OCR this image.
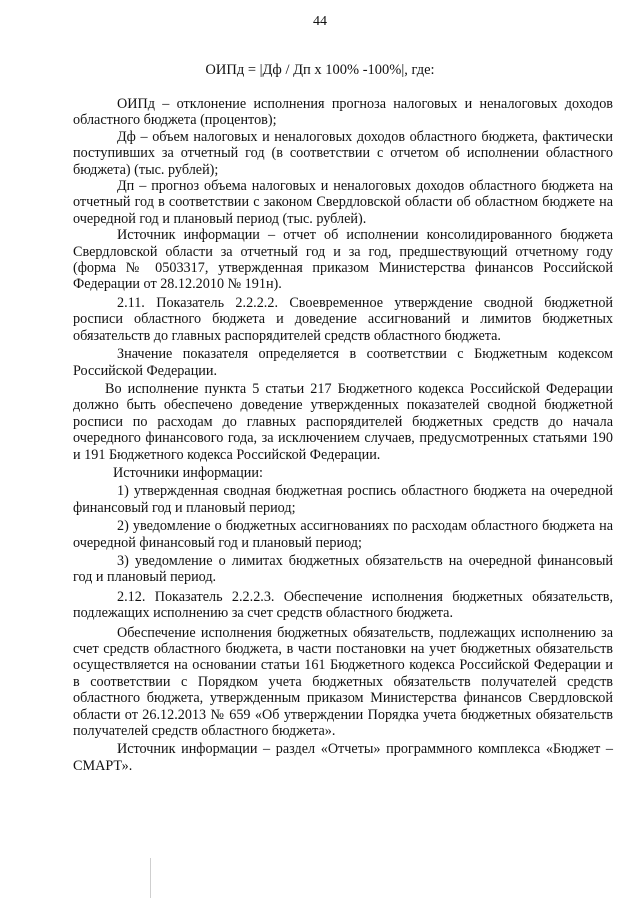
44
ОИПд = |Дф / Дп х 100% -100%|, где:

ОИПд – отклонение исполнения прогноза налоговых и неналоговых доходов областного бюджета (процентов);

Дф – объем налоговых и неналоговых доходов областного бюджета, фактически поступивших за отчетный год (в соответствии с отчетом об исполнении областного бюджета) (тыс. рублей);

Дп – прогноз объема налоговых и неналоговых доходов областного бюджета на отчетный год в соответствии с законом Свердловской области об областном бюджете на очередной год и плановый период (тыс. рублей).

Источник информации – отчет об исполнении консолидированного бюджета Свердловской области за отчетный год и за год, предшествующий отчетному году (форма № 0503317, утвержденная приказом Министерства финансов Российской Федерации от 28.12.2010 № 191н).

2.11. Показатель 2.2.2.2. Своевременное утверждение сводной бюджетной росписи областного бюджета и доведение ассигнований и лимитов бюджетных обязательств до главных распорядителей средств областного бюджета.

Значение показателя определяется в соответствии с Бюджетным кодексом Российской Федерации.

Во исполнение пункта 5 статьи 217 Бюджетного кодекса Российской Федерации должно быть обеспечено доведение утвержденных показателей сводной бюджетной росписи по расходам до главных распорядителей бюджетных средств до начала очередного финансового года, за исключением случаев, предусмотренных статьями 190 и 191 Бюджетного кодекса Российской Федерации.

Источники информации:

1) утвержденная сводная бюджетная роспись областного бюджета на очередной финансовый год и плановый период;

2) уведомление о бюджетных ассигнованиях по расходам областного бюджета на очередной финансовый год и плановый период;

3) уведомление о лимитах бюджетных обязательств на очередной финансовый год и плановый период.

2.12. Показатель 2.2.2.3. Обеспечение исполнения бюджетных обязательств, подлежащих исполнению за счет средств областного бюджета.

Обеспечение исполнения бюджетных обязательств, подлежащих исполнению за счет средств областного бюджета, в части постановки на учет бюджетных обязательств осуществляется на основании статьи 161 Бюджетного кодекса Российской Федерации и в соответствии с Порядком учета бюджетных обязательств получателей средств областного бюджета, утвержденным приказом Министерства финансов Свердловской области от 26.12.2013 № 659 «Об утверждении Порядка учета бюджетных обязательств получателей средств областного бюджета».

Источник информации – раздел «Отчеты» программного комплекса «Бюджет – СМАРТ».
